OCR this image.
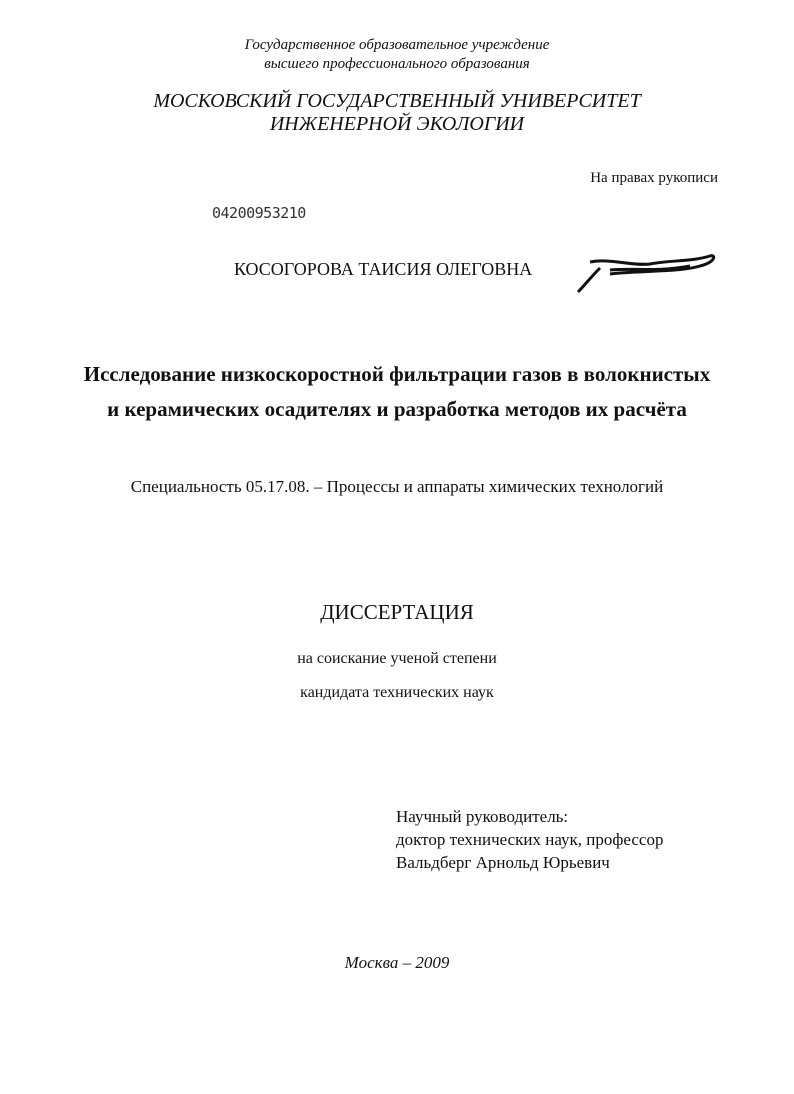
Государственное образовательное учреждение
высшего профессионального образования
МОСКОВСКИЙ ГОСУДАРСТВЕННЫЙ УНИВЕРСИТЕТ
ИНЖЕНЕРНОЙ ЭКОЛОГИИ
На правах рукописи
04200953210
КОСОГОРОВА ТАИСИЯ ОЛЕГОВНА
Исследование низкоскоростной фильтрации газов в волокнистых
и керамических осадителях и разработка методов их расчёта
Специальность 05.17.08. – Процессы и аппараты химических технологий
ДИССЕРТАЦИЯ
на соискание ученой степени
кандидата технических наук
Научный руководитель:
доктор технических наук, профессор
Вальдберг Арнольд Юрьевич
Москва – 2009
